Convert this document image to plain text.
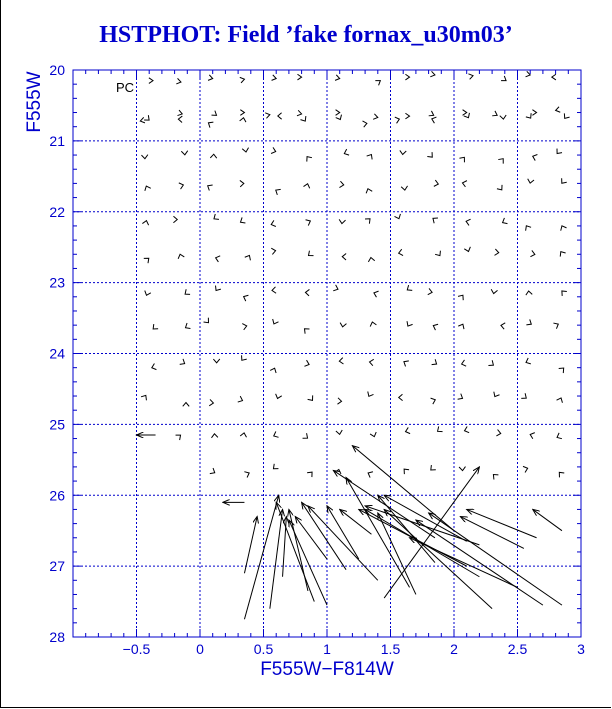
HSTPHOT: Field ’fake fornax_u30m03’
−0.5	0	0.5	1	1.5	2	2.5	3
20
21
22
23
24
25
26
27
28
PC
F555W−F814W
F555W
